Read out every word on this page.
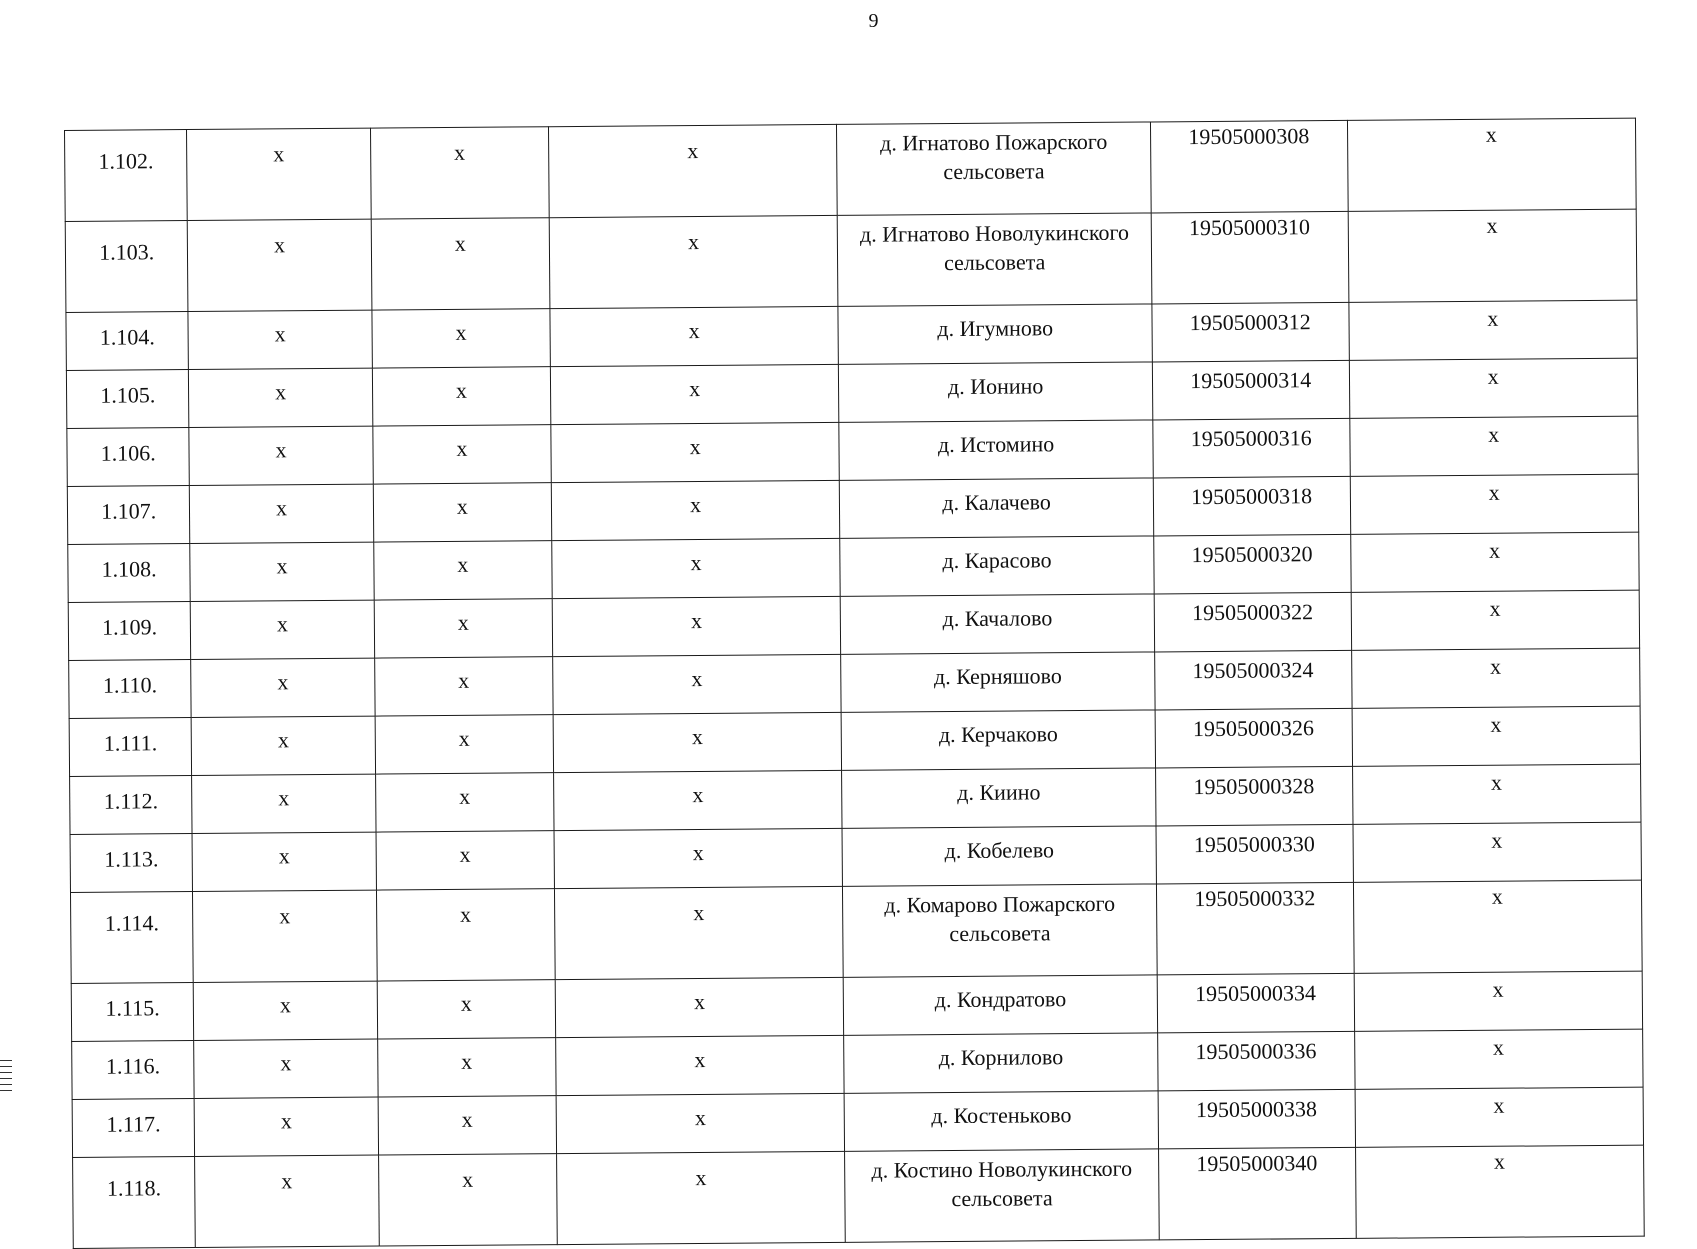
9
1.102.	х	х	х	д. Игнатово Пожарского сельсовета	19505000308	х
1.103.	х	х	х	д. Игнатово Новолукинского сельсовета	19505000310	х
1.104.	х	х	х	д. Игумново	19505000312	х
1.105.	х	х	х	д. Ионино	19505000314	х
1.106.	х	х	х	д. Истомино	19505000316	х
1.107.	х	х	х	д. Калачево	19505000318	х
1.108.	х	х	х	д. Карасово	19505000320	х
1.109.	х	х	х	д. Качалово	19505000322	х
1.110.	х	х	х	д. Керняшово	19505000324	х
1.111.	х	х	х	д. Керчаково	19505000326	х
1.112.	х	х	х	д. Киино	19505000328	х
1.113.	х	х	х	д. Кобелево	19505000330	х
1.114.	х	х	х	д. Комарово Пожарского сельсовета	19505000332	х
1.115.	х	х	х	д. Кондратово	19505000334	х
1.116.	х	х	х	д. Корнилово	19505000336	х
1.117.	х	х	х	д. Костеньково	19505000338	х
1.118.	х	х	х	д. Костино Новолукинского сельсовета	19505000340	х
